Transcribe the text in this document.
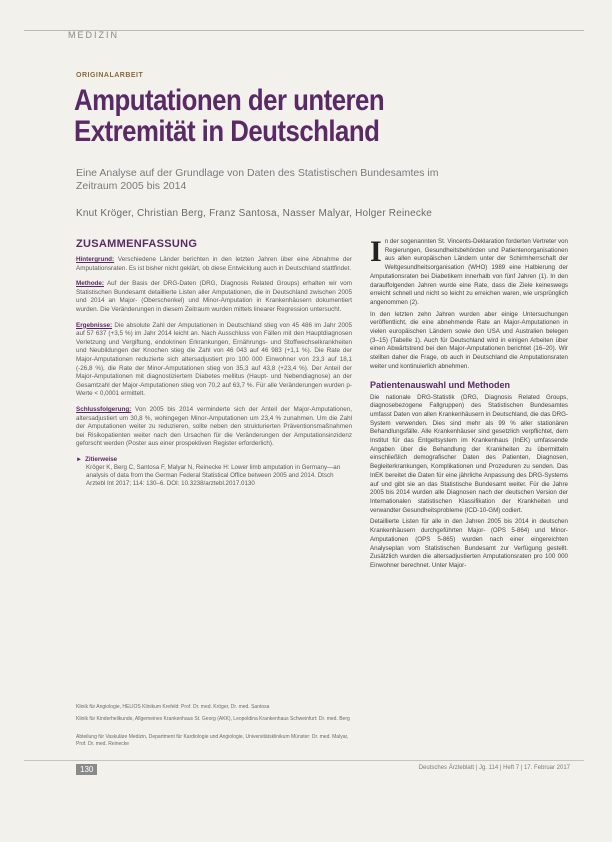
MEDIZIN
ORIGINALARBEIT
Amputationen der unteren Extremität in Deutschland
Eine Analyse auf der Grundlage von Daten des Statistischen Bundesamtes im Zeitraum 2005 bis 2014
Knut Kröger, Christian Berg, Franz Santosa, Nasser Malyar, Holger Reinecke
ZUSAMMENFASSUNG

Hintergrund: Verschiedene Länder berichten in den letzten Jahren über eine Abnahme der Amputationsraten. Es ist bisher nicht geklärt, ob diese Entwicklung auch in Deutschland stattfindet.

Methode: Auf der Basis der DRG-Daten (DRG, Diagnosis Related Groups) erhalten wir vom Statistischen Bundesamt detaillierte Listen aller Amputationen, die in Deutschland zwischen 2005 und 2014 an Major- (Oberschenkel) und Minor-Amputation in Krankenhäusern dokumentiert wurden. Die Veränderungen in diesem Zeitraum wurden mittels linearer Regression untersucht.

Ergebnisse: Die absolute Zahl der Amputationen in Deutschland stieg von 45 486 im Jahr 2005 auf 57 637 (+3,5 %) im Jahr 2014 leicht an. Nach Ausschluss von Fällen mit den Hauptdiagnosen Verletzung und Vergiftung, endokrinen Erkrankungen, Ernährungs- und Stoffwechselkrankheiten und Neubildungen der Knochen stieg die Zahl von 46 043 auf 46 983 (+1,1 %). Die Rate der Major-Amputationen reduzierte sich altersadjustiert pro 100 000 Einwohner von 23,3 auf 18,1 (-26,8 %), die Rate der Minor-Amputationen stieg von 35,3 auf 43,8 (+23,4 %). Der Anteil der Major-Amputationen mit diagnostiziertem Diabetes mellitus (Haupt- und Nebendiagnose) an der Gesamtzahl der Major-Amputationen stieg von 70,2 auf 63,7 %. Für alle Veränderungen wurden p-Werte < 0,0001 ermittelt.

Schlussfolgerung: Von 2005 bis 2014 verminderte sich der Anteil der Major-Amputationen, altersadjustiert um 30,8 %, wohingegen Minor-Amputationen um 23,4 % zunahmen. Um die Zahl der Amputationen weiter zu reduzieren, sollte neben den strukturierten Präventionsmaßnahmen bei Risikopatienten weiter nach den Ursachen für die Veränderungen der Amputationsinzidenz geforscht werden (Poster aus einer prospektiven Register erforderlich).

► Zitierweise
Kröger K, Berg C, Santosa F, Malyar N, Reinecke H: Lower limb amputation in Germany—an analysis of data from the German Federal Statistical Office between 2005 and 2014. Dtsch Arztebl Int 2017; 114: 130–6. DOI: 10.3238/arztebl.2017.0130
Klinik für Angiologie, HELIOS Klinikum Krefeld: Prof. Dr. med. Kröger, Dr. med. Santosa
Klinik für Kinderheilkunde, Allgemeines Krankenhaus St. Georg (AKK), Leopoldina Krankenhaus Schweinfurt: Dr. med. Berg
Abteilung für Vaskuläre Medizin, Department für Kardiologie und Angiologie, Universitätsklinikum Münster: Dr. med. Malyar, Prof. Dr. med. Reinecke

In der sogenannten St. Vincents-Deklaration forderten Vertreter von Regierungen, Gesundheitsbehörden und Patientenorganisationen aus allen europäischen Ländern unter der Schirmherrschaft der Weltgesundheitsorganisation (WHO) 1989 eine Halbierung der Amputationsraten bei Diabetikern innerhalb von fünf Jahren (1). In den darauffolgenden Jahren wurde eine Rate, dass die Ziele keineswegs erreicht schnell und nicht so leicht zu erreichen waren, wie ursprünglich angenommen (2).

In den letzten zehn Jahren wurden aber einige Untersuchungen veröffentlicht, die eine abnehmende Rate an Major-Amputationen in vielen europäischen Ländern sowie den USA und Australien belegen (3–15) (Tabelle 1). Auch für Deutschland wird in einigen Arbeiten über einen Abwärtstrend bei den Major-Amputationen berichtet (16–20). Wir stellten daher die Frage, ob auch in Deutschland die Amputationsraten weiter und kontinuierlich abnehmen.

Patientenauswahl und Methoden

Die nationale DRG-Statistik (DRG, Diagnosis Related Groups, diagnosebezogene Fallgruppen) des Statistischen Bundesamtes umfasst Daten von allen Krankenhäusern in Deutschland, die das DRG-System verwenden. Dies sind mehr als 99 % aller stationären Behandlungsfälle. Alle Krankenhäuser sind gesetzlich verpflichtet, dem Institut für das Entgeltsystem im Krankenhaus (InEK) umfassende Angaben über die Behandlung der Krankheiten zu übermitteln einschließlich demografischer Daten des Patienten, Diagnosen, Begleiterkrankungen, Komplikationen und Prozeduren zu senden. Das InEK bereitet die Daten für eine jährliche Anpassung des DRG-Systems auf und gibt sie an das Statistische Bundesamt weiter. Für die Jahre 2005 bis 2014 wurden alle Diagnosen nach der deutschen Version der Internationalen statistischen Klassifikation der Krankheiten und verwandter Gesundheitsprobleme (ICD-10-GM) codiert.

Detaillierte Listen für alle in den Jahren 2005 bis 2014 in deutschen Krankenhäusern durchgeführten Major- (OPS 5-864) und Minor-Amputationen (OPS 5-865) wurden nach einer eingereichten Analyseplan vom Statistischen Bundesamt zur Verfügung gestellt. Zusätzlich wurden die altersadjustierten Amputationsraten pro 100 000 Einwohner berechnet. Unter Major-

130	Deutsches Ärzteblatt | Jg. 114 | Heft 7 | 17. Februar 2017
